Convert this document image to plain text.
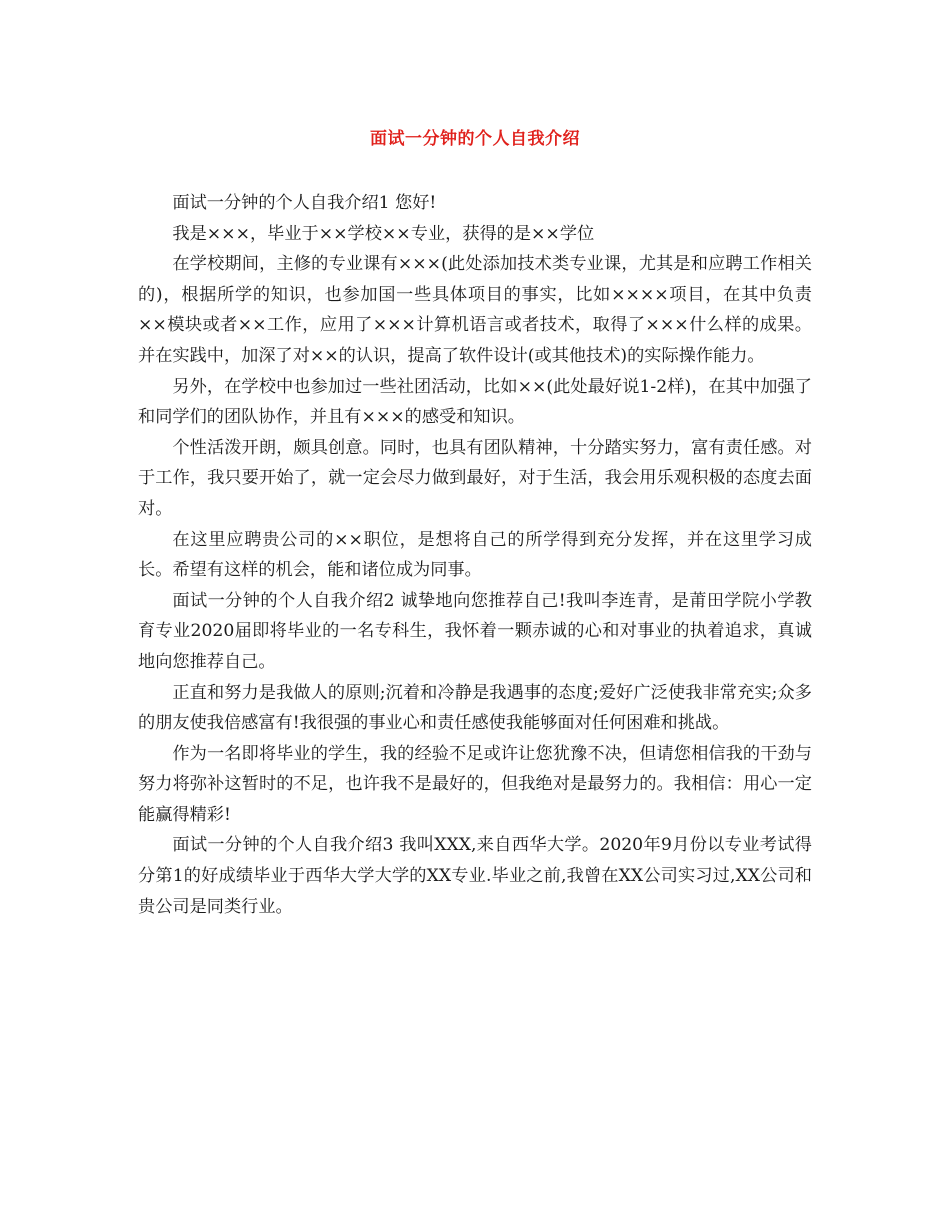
面试一分钟的个人自我介绍

面试一分钟的个人自我介绍1 您好!

我是×××，毕业于××学校××专业，获得的是××学位

在学校期间，主修的专业课有×××(此处添加技术类专业课，尤其是和应聘工作相关的)，根据所学的知识，也参加国一些具体项目的事实，比如××××项目，在其中负责××模块或者××工作，应用了×××计算机语言或者技术，取得了×××什么样的成果。并在实践中，加深了对××的认识，提高了软件设计(或其他技术)的实际操作能力。

另外，在学校中也参加过一些社团活动，比如××(此处最好说1-2样)，在其中加强了和同学们的团队协作，并且有×××的感受和知识。

个性活泼开朗，颇具创意。同时，也具有团队精神，十分踏实努力，富有责任感。对于工作，我只要开始了，就一定会尽力做到最好，对于生活，我会用乐观积极的态度去面对。

在这里应聘贵公司的××职位，是想将自己的所学得到充分发挥，并在这里学习成长。希望有这样的机会，能和诸位成为同事。

面试一分钟的个人自我介绍2 诚挚地向您推荐自己!我叫李连青，是莆田学院小学教育专业2020届即将毕业的一名专科生，我怀着一颗赤诚的心和对事业的执着追求，真诚地向您推荐自己。

正直和努力是我做人的原则;沉着和冷静是我遇事的态度;爱好广泛使我非常充实;众多的朋友使我倍感富有!我很强的事业心和责任感使我能够面对任何困难和挑战。

作为一名即将毕业的学生，我的经验不足或许让您犹豫不决，但请您相信我的干劲与努力将弥补这暂时的不足，也许我不是最好的，但我绝对是最努力的。我相信：用心一定能赢得精彩!

面试一分钟的个人自我介绍3 我叫XXX,来自西华大学。2020年9月份以专业考试得分第1的好成绩毕业于西华大学大学的XX专业.毕业之前,我曾在XX公司实习过,XX公司和贵公司是同类行业。
